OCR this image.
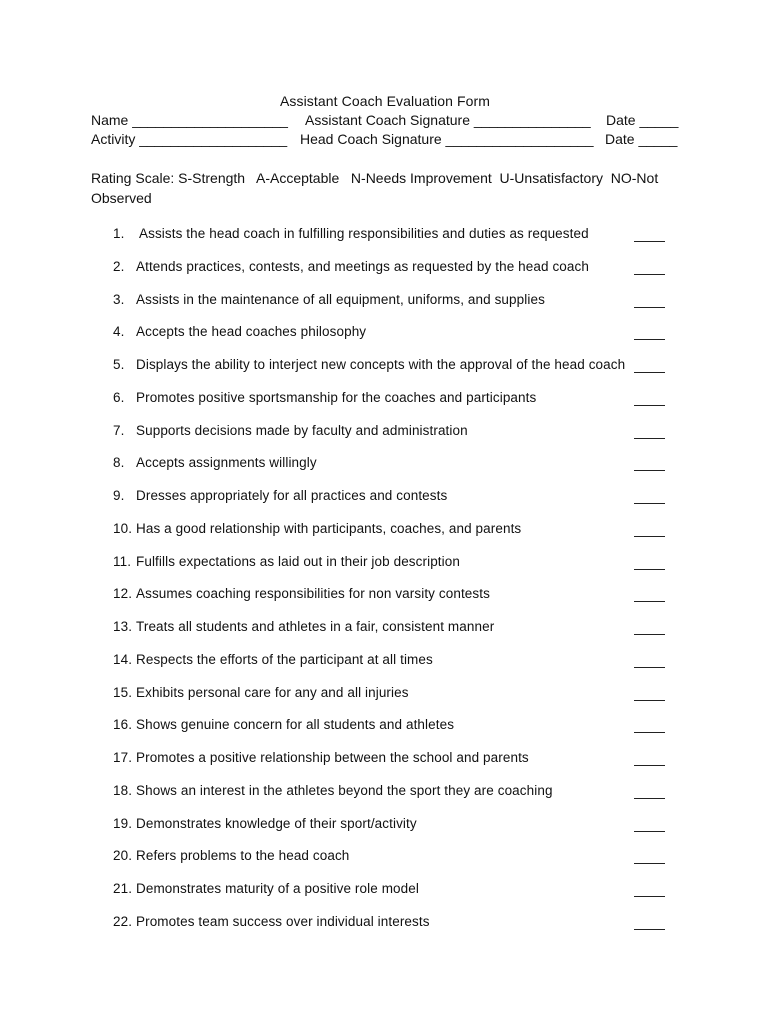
Assistant Coach Evaluation Form
Name ____________________ Assistant Coach Signature _______________ Date _____
Activity ___________________ Head Coach Signature ___________________ Date _____
Rating Scale: S-Strength   A-Acceptable   N-Needs Improvement  U-Unsatisfactory  NO-Not
Observed
1. Assists the head coach in fulfilling responsibilities and duties as requested
2. Attends practices, contests, and meetings as requested by the head coach
3. Assists in the maintenance of all equipment, uniforms, and supplies
4. Accepts the head coaches philosophy
5. Displays the ability to interject new concepts with the approval of the head coach
6. Promotes positive sportsmanship for the coaches and participants
7. Supports decisions made by faculty and administration
8. Accepts assignments willingly
9. Dresses appropriately for all practices and contests
10. Has a good relationship with participants, coaches, and parents
11. Fulfills expectations as laid out in their job description
12. Assumes coaching responsibilities for non varsity contests
13. Treats all students and athletes in a fair, consistent manner
14. Respects the efforts of the participant at all times
15. Exhibits personal care for any and all injuries
16. Shows genuine concern for all students and athletes
17. Promotes a positive relationship between the school and parents
18. Shows an interest in the athletes beyond the sport they are coaching
19. Demonstrates knowledge of their sport/activity
20. Refers problems to the head coach
21. Demonstrates maturity of a positive role model
22. Promotes team success over individual interests
